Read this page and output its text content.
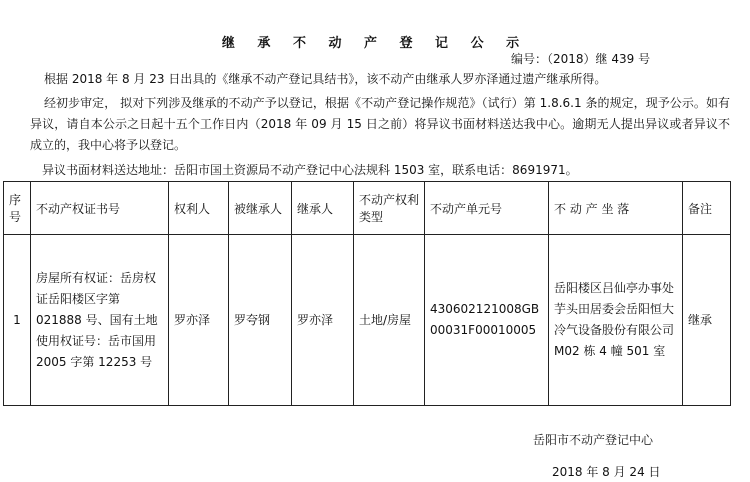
继 承 不 动 产 登 记 公 示
编号：（2018）继 439 号
根据 2018 年 8 月 23 日出具的《继承不动产登记具结书》，该不动产由继承人罗亦泽通过遗产继承所得。
经初步审定， 拟对下列涉及继承的不动产予以登记，根据《不动产登记操作规范》（试行）第 1.8.6.1 条的规定，现予公示。如有异议，请自本公示之日起十五个工作日内（2018 年 09 月 15 日之前）将异议书面材料送达我中心。逾期无人提出异议或者异议不成立的，我中心将予以登记。
异议书面材料送达地址：岳阳市国土资源局不动产登记中心法规科 1503 室，联系电话：8691971。
序号	不动产权证书号	权利人	被继承人	继承人	不动产权利类型	不动产单元号	不 动 产 坐 落	备注
1	房屋所有权证：岳房权证岳阳楼区字第 021888 号、国有土地使用权证号：岳市国用 2005 字第 12253 号	罗亦泽	罗夸钢	罗亦泽	土地/房屋	430602121008GB00031F00010005	岳阳楼区吕仙亭办事处芋头田居委会岳阳恒大冷气设备股份有限公司 M02 栋 4 幢 501 室	继承
岳阳市不动产登记中心
2018 年 8 月 24 日
